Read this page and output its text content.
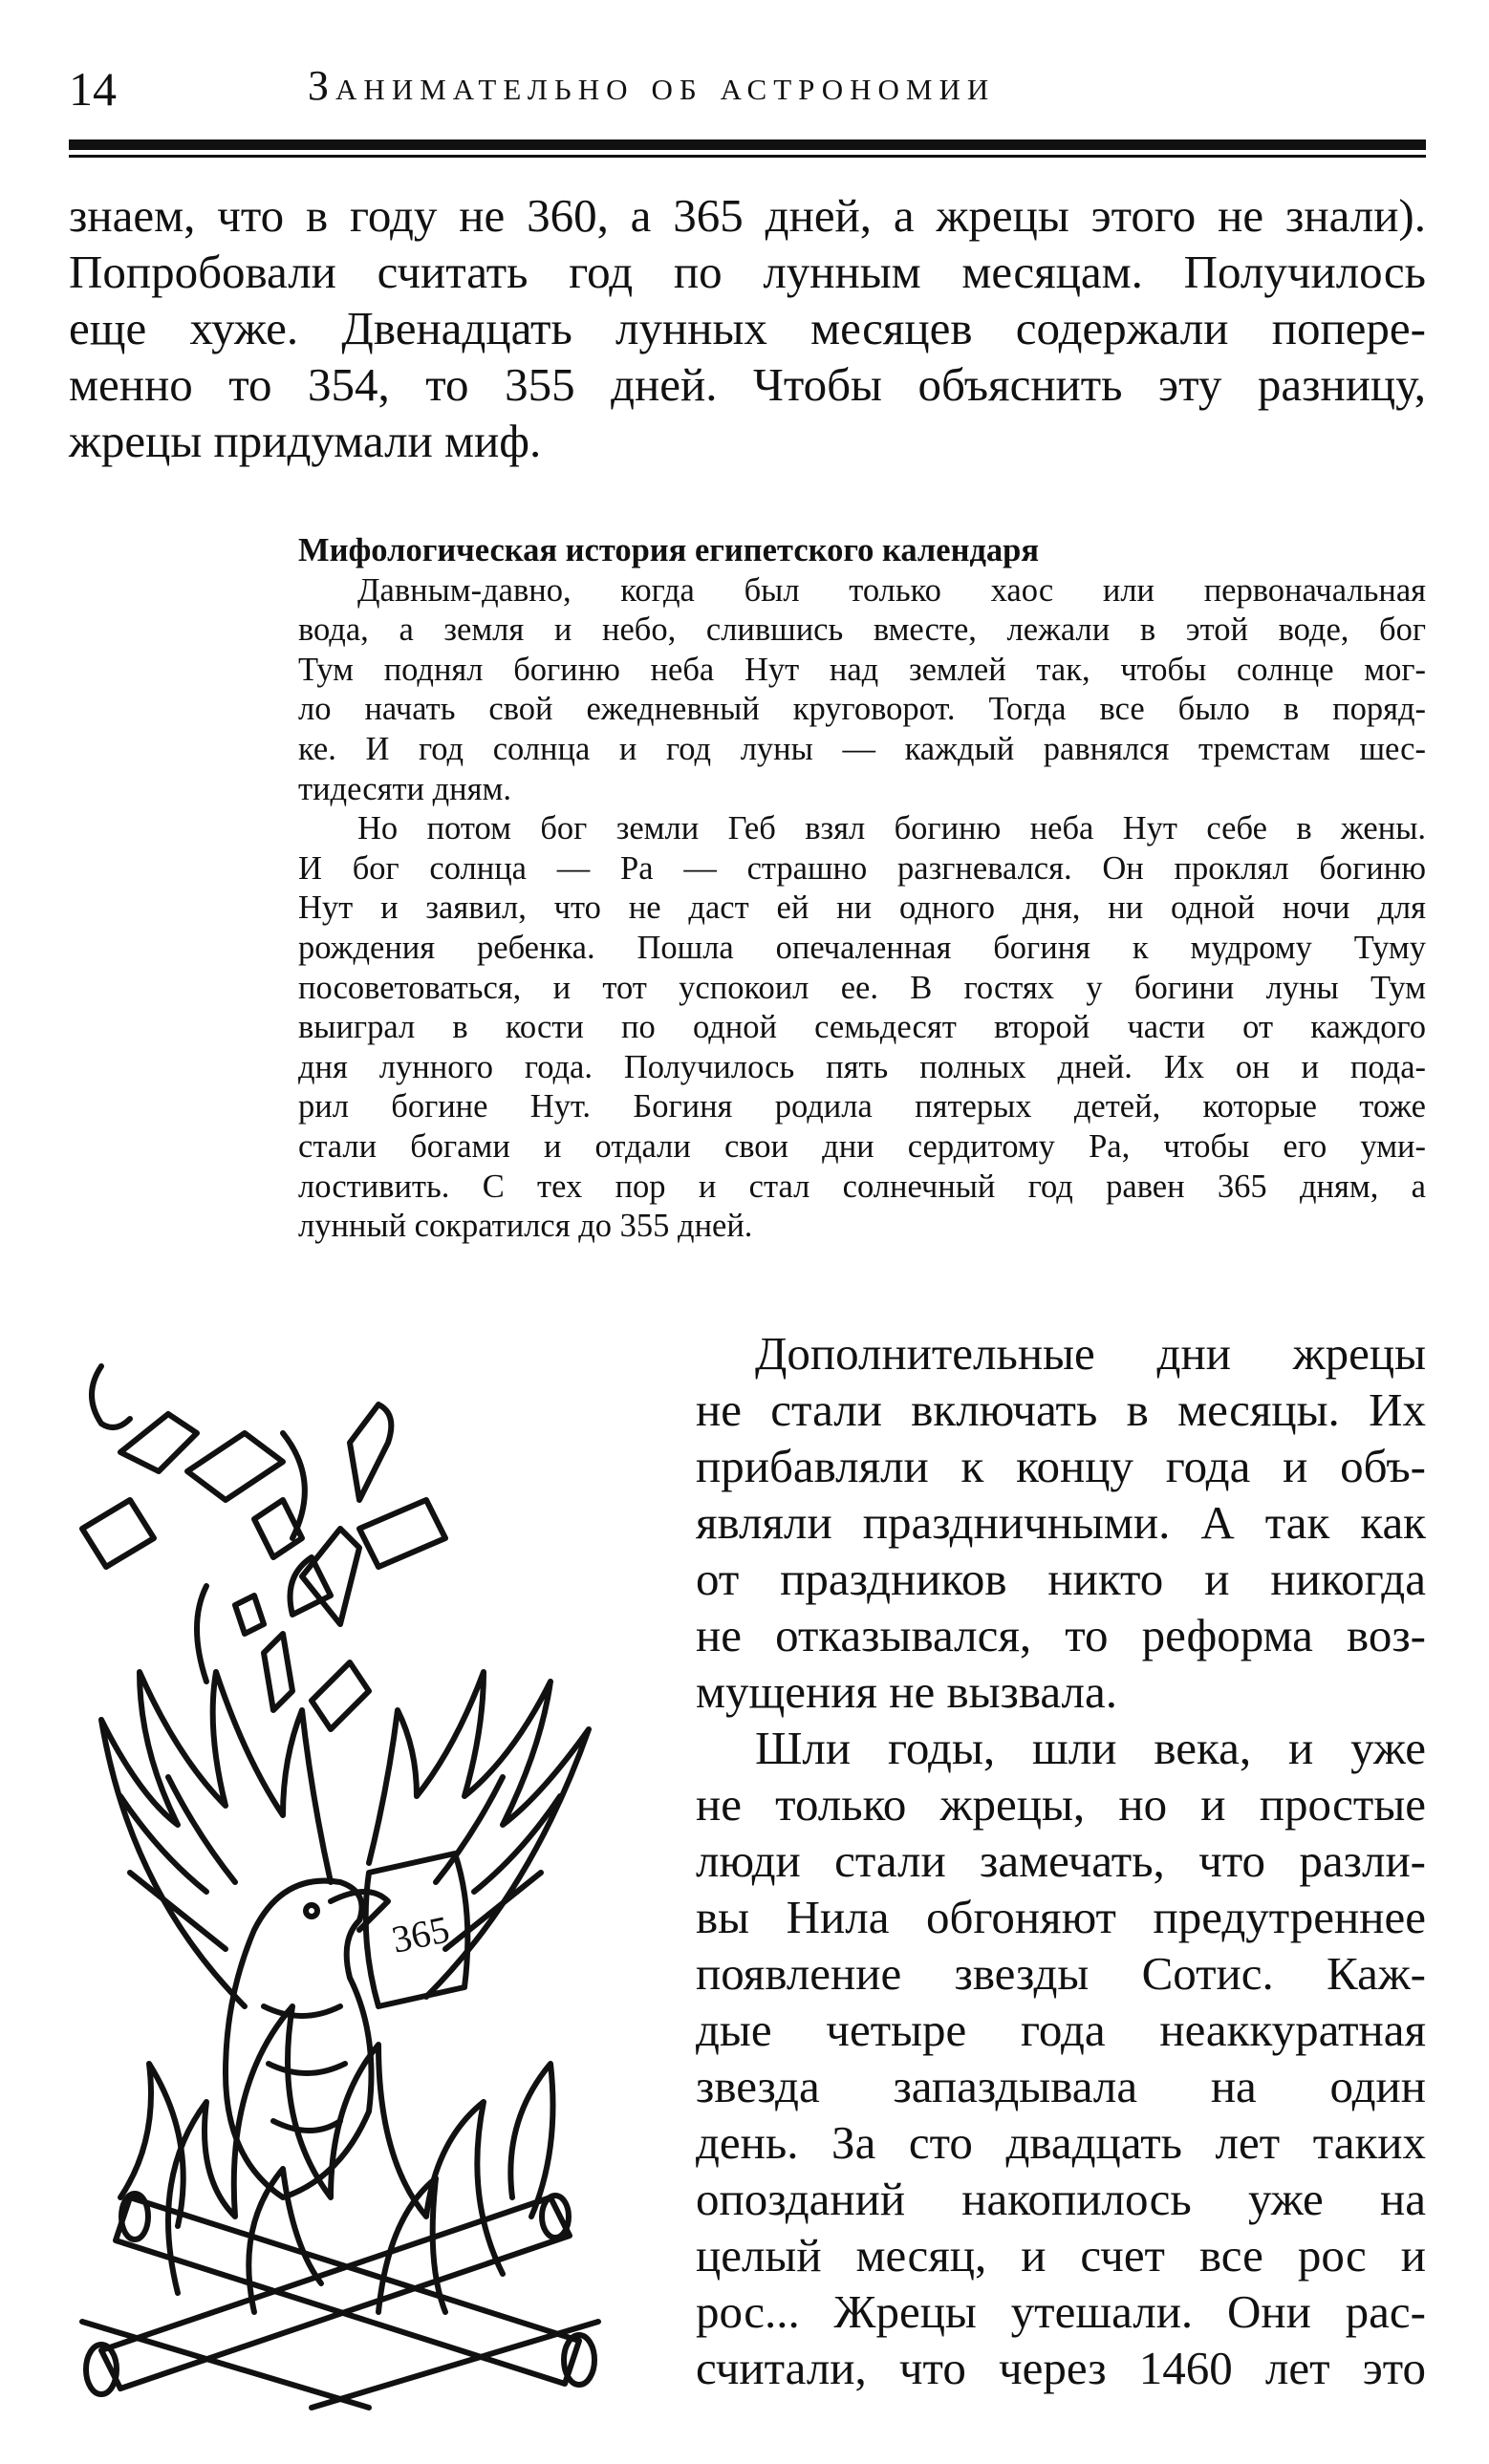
14	Занимательно об астрономии
знаем, что в году не 360, а 365 дней, а жрецы этого не знали).
Попробовали считать год по лунным месяцам. Получилось
еще хуже. Двенадцать лунных месяцев содержали попере-
менно то 354, то 355 дней. Чтобы объяснить эту разницу,
жрецы придумали миф.

Мифологическая история египетского календаря

Давным-давно, когда был только хаос или первоначальная
вода, а земля и небо, слившись вместе, лежали в этой воде, бог
Тум поднял богиню неба Нут над землей так, чтобы солнце мог-
ло начать свой ежедневный круговорот. Тогда все было в поряд-
ке. И год солнца и год луны — каждый равнялся тремстам шес-
тидесяти дням.

Но потом бог земли Геб взял богиню неба Нут себе в жены.
И бог солнца — Ра — страшно разгневался. Он проклял богиню
Нут и заявил, что не даст ей ни одного дня, ни одной ночи для
рождения ребенка. Пошла опечаленная богиня к мудрому Туму
посоветоваться, и тот успокоил ее. В гостях у богини луны Тум
выиграл в кости по одной семьдесят второй части от каждого
дня лунного года. Получилось пять полных дней. Их он и пода-
рил богине Нут. Богиня родила пятерых детей, которые тоже
стали богами и отдали свои дни сердитому Ра, чтобы его уми-
лостивить. С тех пор и стал солнечный год равен 365 дням, а
лунный сократился до 355 дней.

365
Дополнительные дни жрецы
не стали включать в месяцы. Их
прибавляли к концу года и объ-
являли праздничными. А так как
от праздников никто и никогда
не отказывался, то реформа воз-
мущения не вызвала.
Шли годы, шли века, и уже
не только жрецы, но и простые
люди стали замечать, что разли-
вы Нила обгоняют предутреннее
появление звезды Сотис. Каж-
дые четыре года неаккуратная
звезда запаздывала на один
день. За сто двадцать лет таких
опозданий накопилось уже на
целый месяц, и счет все рос и
рос... Жрецы утешали. Они рас-
считали, что через 1460 лет это
